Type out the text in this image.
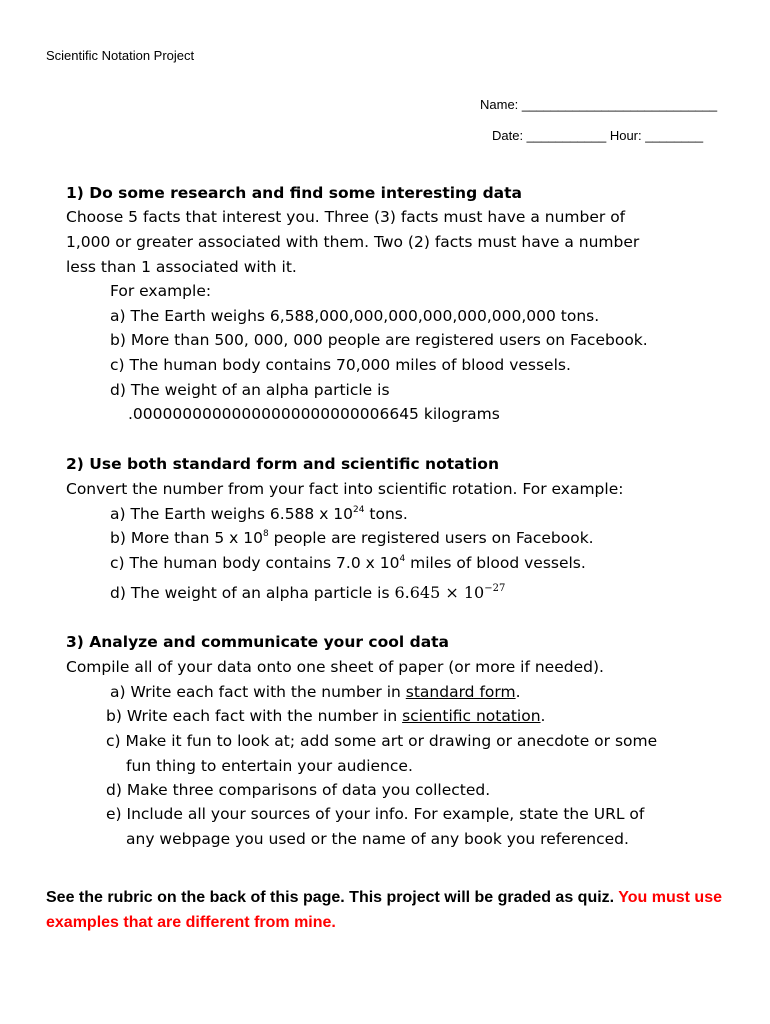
Scientific Notation Project
Name: ___________________________
Date: ___________ Hour: ________
1) Do some research and find some interesting data
Choose 5 facts that interest you. Three (3) facts must have a number of
1,000 or greater associated with them. Two (2) facts must have a number
less than 1 associated with it.
For example:
a) The Earth weighs 6,588,000,000,000,000,000,000,000 tons.
b) More than 500, 000, 000 people are registered users on Facebook.
c) The human body contains 70,000 miles of blood vessels.
d) The weight of an alpha particle is
.00000000000000000000000006645 kilograms
2) Use both standard form and scientific notation
Convert the number from your fact into scientific rotation. For example:
a) The Earth weighs 6.588 x $10^{24}$ tons.
b) More than 5 x $10^8$ people are registered users on Facebook.
c) The human body contains 7.0 x $10^4$ miles of blood vessels.
d) The weight of an alpha particle is $6.645 \times 10^{-27}$
3) Analyze and communicate your cool data
Compile all of your data onto one sheet of paper (or more if needed).
a) Write each fact with the number in standard form.
b) Write each fact with the number in scientific notation.
c) Make it fun to look at; add some art or drawing or anecdote or some
fun thing to entertain your audience.
d) Make three comparisons of data you collected.
e) Include all your sources of your info. For example, state the URL of
any webpage you used or the name of any book you referenced.
See the rubric on the back of this page. This project will be graded as quiz. You must use examples that are different from mine.
